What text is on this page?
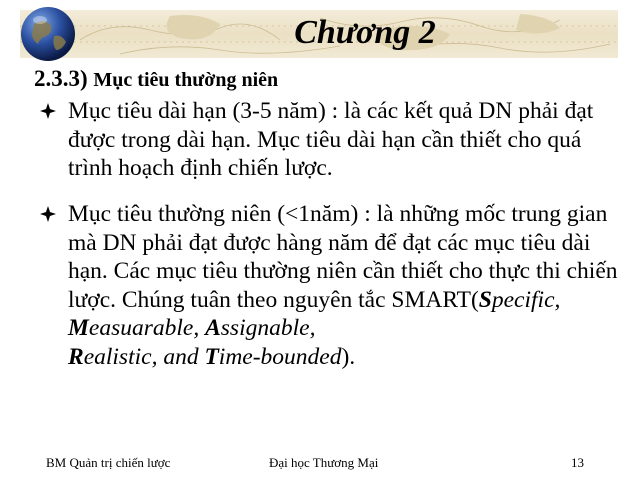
Chương 2
2.3.3) Mục tiêu thường niên
Mục tiêu dài hạn (3-5 năm) : là các kết quả DN phải đạt được trong dài hạn. Mục tiêu dài hạn cần thiết cho quá trình hoạch định chiến lược.
Mục tiêu thường niên (<1năm) : là những mốc trung gian mà DN phải đạt được hàng năm để đạt các mục tiêu dài hạn. Các mục tiêu thường niên cần thiết cho thực thi chiến lược. Chúng tuân theo nguyên tắc SMART(Specific, Measuarable, Assignable,
Realistic, and Time-bounded).
BM Quản trị chiến lược	Đại học Thương Mại	13
